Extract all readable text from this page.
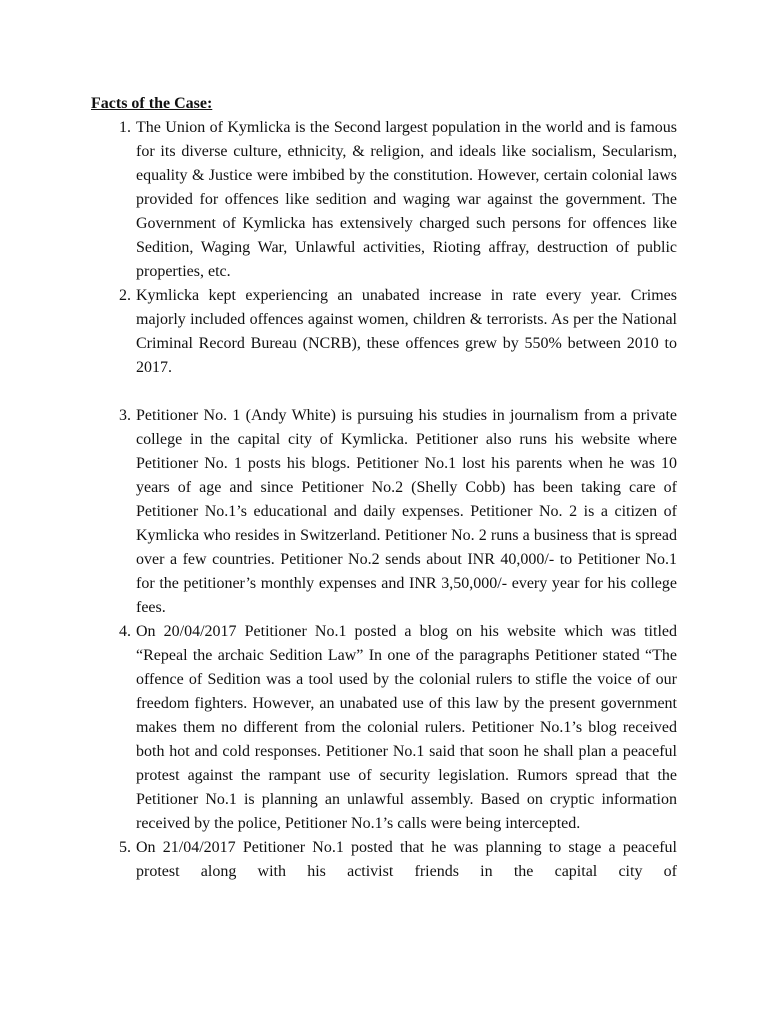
Facts of the Case:

1. The Union of Kymlicka is the Second largest population in the world and is famous for its diverse culture, ethnicity, & religion, and ideals like socialism, Secularism, equality & Justice were imbibed by the constitution. However, certain colonial laws provided for offences like sedition and waging war against the government. The Government of Kymlicka has extensively charged such persons for offences like Sedition, Waging War, Unlawful activities, Rioting affray, destruction of public properties, etc.
2. Kymlicka kept experiencing an unabated increase in rate every year. Crimes majorly included offences against women, children & terrorists. As per the National Criminal Record Bureau (NCRB), these offences grew by 550% between 2010 to 2017.
3. Petitioner No. 1 (Andy White) is pursuing his studies in journalism from a private college in the capital city of Kymlicka. Petitioner also runs his website where Petitioner No. 1 posts his blogs. Petitioner No.1 lost his parents when he was 10 years of age and since Petitioner No.2 (Shelly Cobb) has been taking care of Petitioner No.1’s educational and daily expenses. Petitioner No. 2 is a citizen of Kymlicka who resides in Switzerland. Petitioner No. 2 runs a business that is spread over a few countries. Petitioner No.2 sends about INR 40,000/- to Petitioner No.1 for the petitioner’s monthly expenses and INR 3,50,000/- every year for his college fees.
4. On 20/04/2017 Petitioner No.1 posted a blog on his website which was titled “Repeal the archaic Sedition Law” In one of the paragraphs Petitioner stated “The offence of Sedition was a tool used by the colonial rulers to stifle the voice of our freedom fighters. However, an unabated use of this law by the present government makes them no different from the colonial rulers. Petitioner No.1’s blog received both hot and cold responses. Petitioner No.1 said that soon he shall plan a peaceful protest against the rampant use of security legislation. Rumors spread that the Petitioner No.1 is planning an unlawful assembly. Based on cryptic information received by the police, Petitioner No.1’s calls were being intercepted.
5. On 21/04/2017 Petitioner No.1 posted that he was planning to stage a peaceful protest along with his activist friends in the capital city of
